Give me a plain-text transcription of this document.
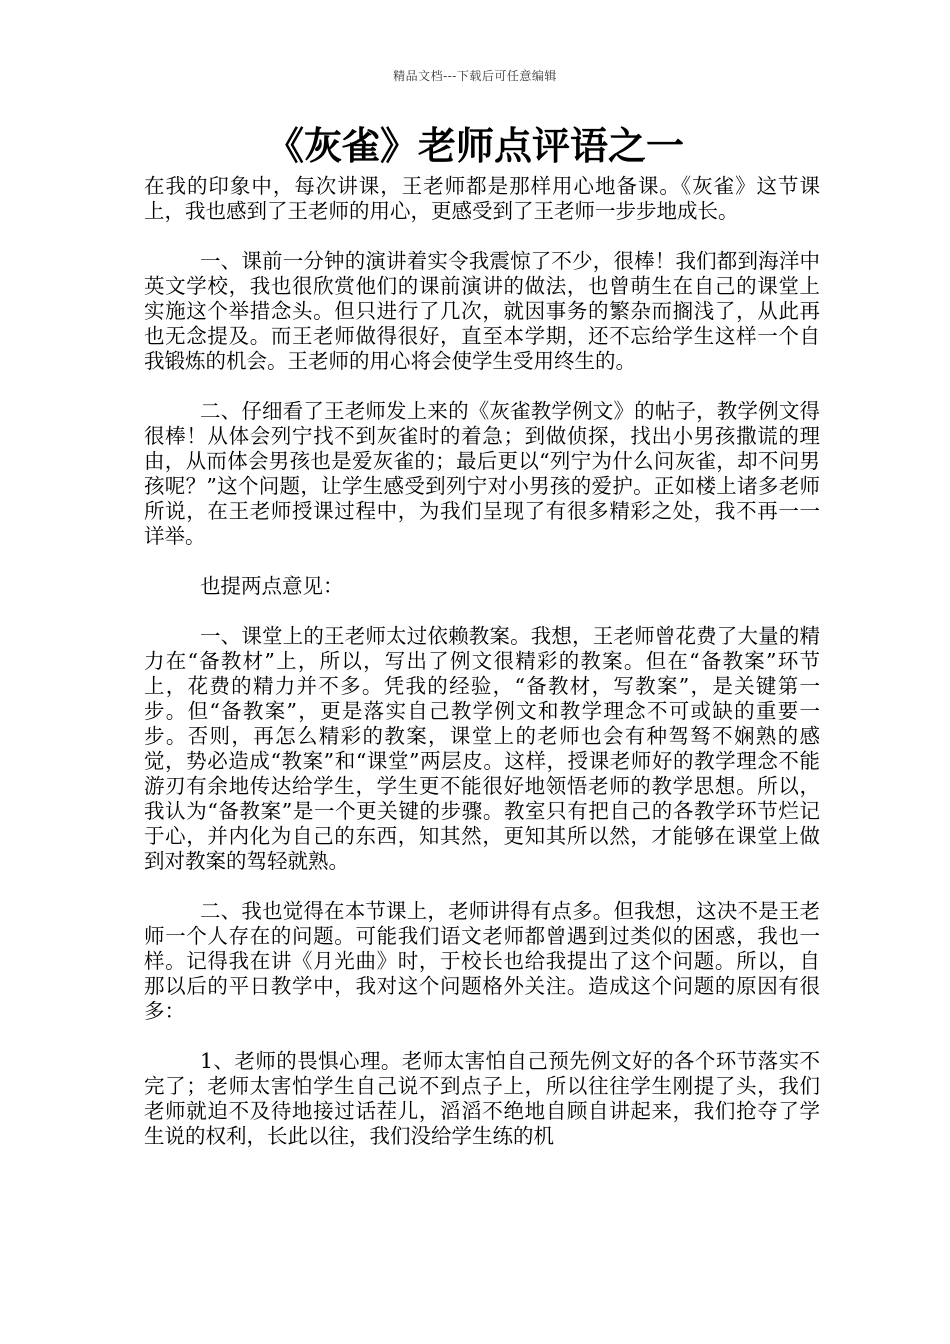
精品文档---下载后可任意编辑
《灰雀》老师点评语之一

在我的印象中，每次讲课，王老师都是那样用心地备课。《灰雀》这节课上，我也感到了王老师的用心，更感受到了王老师一步步地成长。

一、课前一分钟的演讲着实令我震惊了不少，很棒！我们都到海洋中英文学校，我也很欣赏他们的课前演讲的做法，也曾萌生在自己的课堂上实施这个举措念头。但只进行了几次，就因事务的繁杂而搁浅了，从此再也无念提及。而王老师做得很好，直至本学期，还不忘给学生这样一个自我锻炼的机会。王老师的用心将会使学生受用终生的。

二、仔细看了王老师发上来的《灰雀教学例文》的帖子，教学例文得很棒！从体会列宁找不到灰雀时的着急；到做侦探，找出小男孩撒谎的理由，从而体会男孩也是爱灰雀的；最后更以“列宁为什么问灰雀，却不问男孩呢？”这个问题，让学生感受到列宁对小男孩的爱护。正如楼上诸多老师所说，在王老师授课过程中，为我们呈现了有很多精彩之处，我不再一一详举。

也提两点意见：

一、课堂上的王老师太过依赖教案。我想，王老师曾花费了大量的精力在“备教材”上，所以，写出了例文很精彩的教案。但在“备教案”环节上，花费的精力并不多。凭我的经验，“备教材，写教案”，是关键第一步。但“备教案”，更是落实自己教学例文和教学理念不可或缺的重要一步。否则，再怎么精彩的教案，课堂上的老师也会有种驾驽不娴熟的感觉，势必造成“教案”和“课堂”两层皮。这样，授课老师好的教学理念不能游刃有余地传达给学生，学生更不能很好地领悟老师的教学思想。所以，我认为“备教案”是一个更关键的步骤。教室只有把自己的各教学环节烂记于心，并内化为自己的东西，知其然，更知其所以然，才能够在课堂上做到对教案的驾轻就熟。

二、我也觉得在本节课上，老师讲得有点多。但我想，这决不是王老师一个人存在的问题。可能我们语文老师都曾遇到过类似的困惑，我也一样。记得我在讲《月光曲》时，于校长也给我提出了这个问题。所以，自那以后的平日教学中，我对这个问题格外关注。造成这个问题的原因有很多：

1、老师的畏惧心理。老师太害怕自己预先例文好的各个环节落实不完了；老师太害怕学生自己说不到点子上，所以往往学生刚提了头，我们老师就迫不及待地接过话茬儿，滔滔不绝地自顾自讲起来，我们抢夺了学生说的权利，长此以往，我们没给学生练的机
